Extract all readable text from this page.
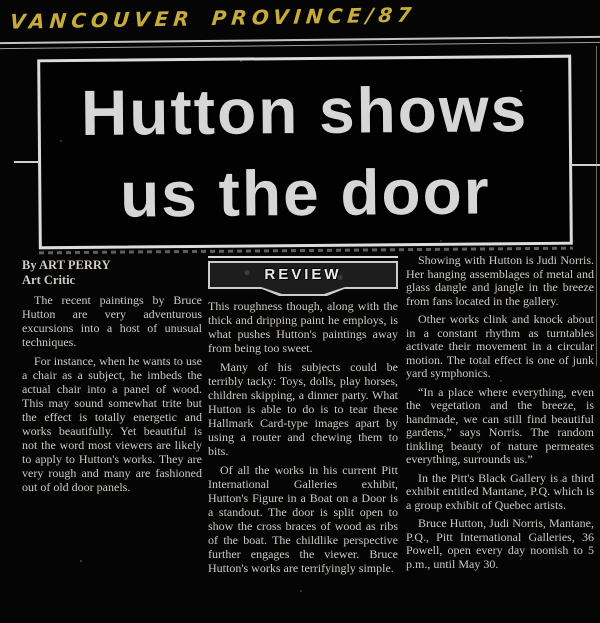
VANCOUVER PROVINCE/87
Hutton shows
us the door
By ART PERRY
Art Critic

The recent paintings by Bruce Hutton are very adventurous excursions into a host of unusual techniques.

For instance, when he wants to use a chair as a subject, he imbeds the actual chair into a panel of wood. This may sound somewhat trite but the effect is totally energetic and works beautifully. Yet beautiful is not the word most viewers are likely to apply to Hutton's works. They are very rough and many are fashioned out of old door panels.

REVIEW

This roughness though, along with the thick and dripping paint he employs, is what pushes Hutton's paintings away from being too sweet.

Many of his subjects could be terribly tacky: Toys, dolls, play horses, children skipping, a dinner party. What Hutton is able to do is to tear these Hallmark Card-type images apart by using a router and chewing them to bits.

Of all the works in his current Pitt International Galleries exhibit, Hutton's Figure in a Boat on a Door is a standout. The door is split open to show the cross braces of wood as ribs of the boat. The childlike perspective further engages the viewer. Bruce Hutton's works are terrifyingly simple.

Showing with Hutton is Judi Norris. Her hanging assemblages of metal and glass dangle and jangle in the breeze from fans located in the gallery.

Other works clink and knock about in a constant rhythm as turntables activate their movement in a circular motion. The total effect is one of junk yard symphonics.

“In a place where everything, even the vegetation and the breeze, is handmade, we can still find beautiful gardens,” says Norris. The random tinkling beauty of nature permeates everything, surrounds us.”

In the Pitt's Black Gallery is a third exhibit entitled Mantane, P.Q. which is a group exhibit of Quebec artists.

Bruce Hutton, Judi Norris, Mantane, P.Q., Pitt International Galleries, 36 Powell, open every day noonish to 5 p.m., until May 30.
